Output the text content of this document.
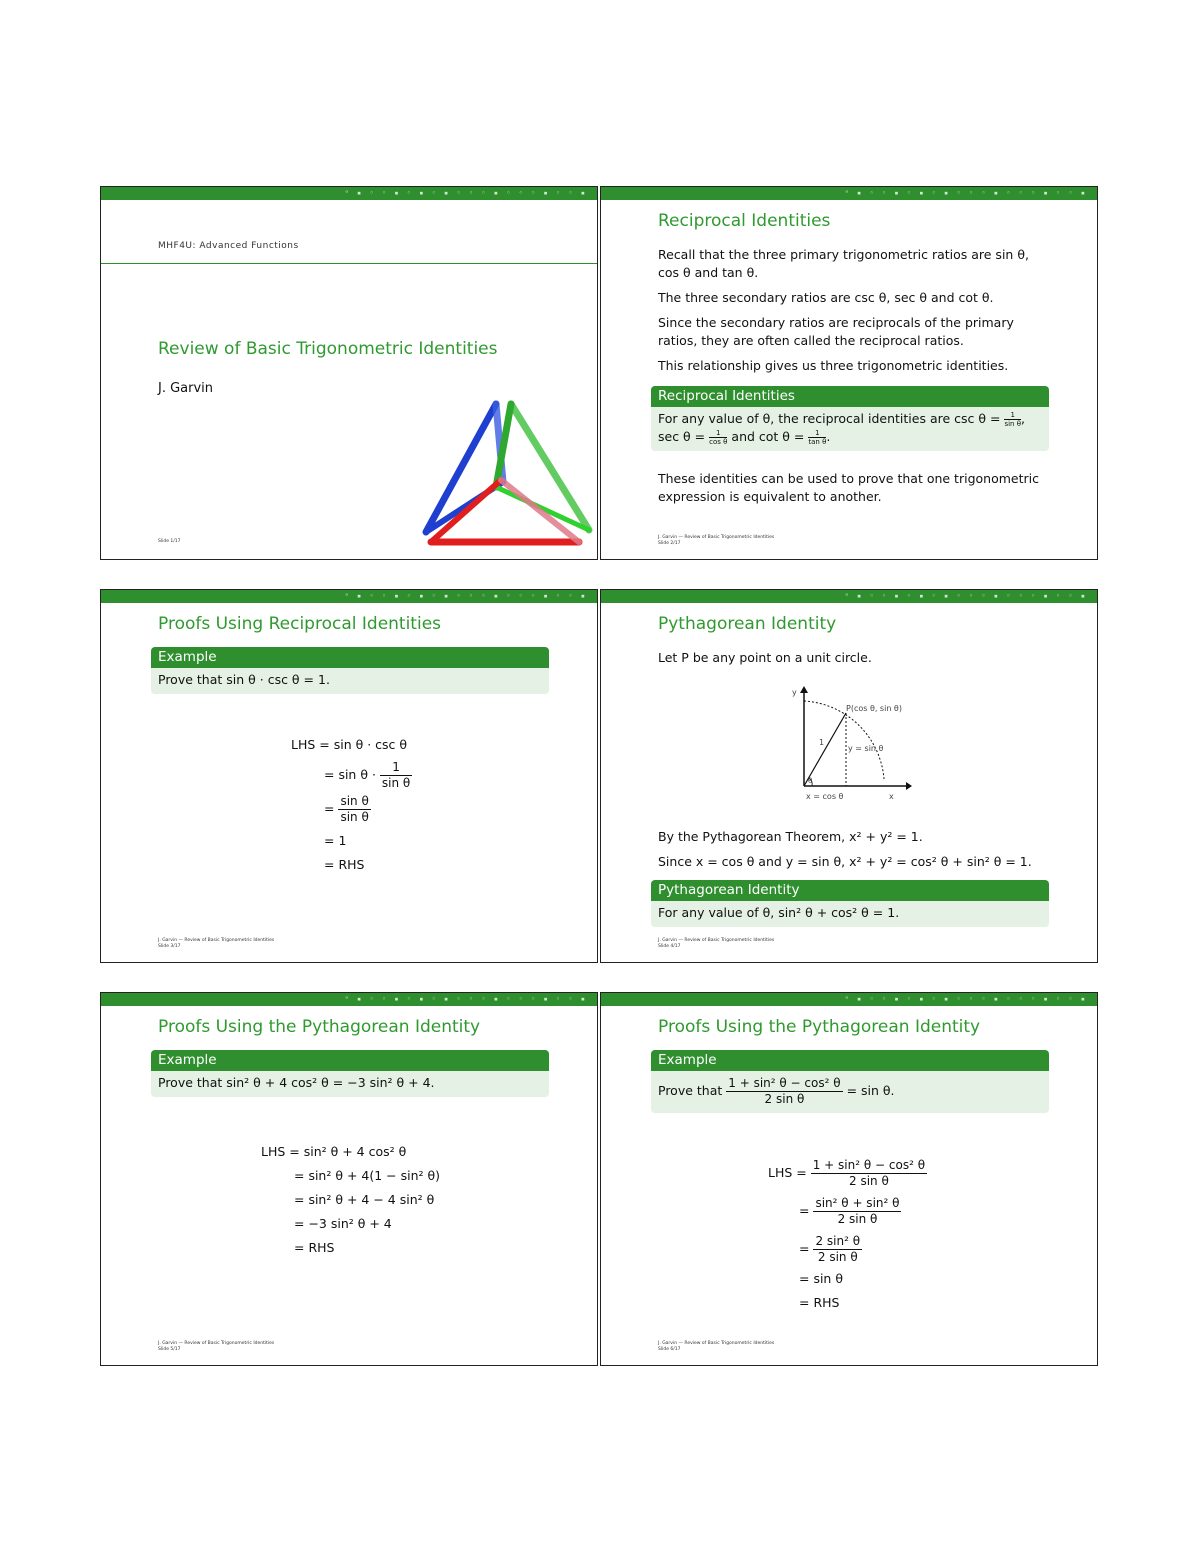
ᵒ ▪ ◦ ◦ ▪ ◦ ▪ ◦ ▪ ◦ ◦ ◦ ▪ ◦ ◦ ◦ ▪ ◦ ◦ ▪
MHF4U: Advanced Functions
Review of Basic Trigonometric Identities
J. Garvin
Slide 1/17
ᵒ ▪ ◦ ◦ ▪ ◦ ▪ ◦ ▪ ◦ ◦ ◦ ▪ ◦ ◦ ◦ ▪ ◦ ◦ ▪
Reciprocal Identities

Recall that the three primary trigonometric ratios are sin θ, cos θ and tan θ.

The three secondary ratios are csc θ, sec θ and cot θ.

Since the secondary ratios are reciprocals of the primary ratios, they are often called the reciprocal ratios.

This relationship gives us three trigonometric identities.

Reciprocal Identities
For any value of θ, the reciprocal identities are $\csc \theta = \frac{1}{\text{sin θ}}$ ,
$\sec \theta = \frac{1}{\text{cos θ}}$ and $\cot \theta = \frac{1}{\text{tan θ}}$ .

These identities can be used to prove that one trigonometric expression is equivalent to another.

J. Garvin — Review of Basic Trigonometric Identities
Slide 2/17
ᵒ ▪ ◦ ◦ ▪ ◦ ▪ ◦ ▪ ◦ ◦ ◦ ▪ ◦ ◦ ◦ ▪ ◦ ◦ ▪
Proofs Using Reciprocal Identities
Example
Prove that sin θ · csc θ = 1.
LHS = sin θ · csc θ
= $\sin \theta \cdot \frac{1}{\text{sin θ}}$
= $\frac{\text{sin θ}}{\text{sin θ}}$
= 1
= RHS
J. Garvin — Review of Basic Trigonometric Identities
Slide 3/17
ᵒ ▪ ◦ ◦ ▪ ◦ ▪ ◦ ▪ ◦ ◦ ◦ ▪ ◦ ◦ ◦ ▪ ◦ ◦ ▪
Pythagorean Identity

Let P be any point on a unit circle.

P(cos θ, sin θ)
y = sin θ
x = cos θ
1
θ
x
y

By the Pythagorean Theorem, x² + y² = 1.

Since x = cos θ and y = sin θ, x² + y² = cos² θ + sin² θ = 1.

Pythagorean Identity
For any value of θ, sin² θ + cos² θ = 1.
J. Garvin — Review of Basic Trigonometric Identities
Slide 4/17
ᵒ ▪ ◦ ◦ ▪ ◦ ▪ ◦ ▪ ◦ ◦ ◦ ▪ ◦ ◦ ◦ ▪ ◦ ◦ ▪
Proofs Using the Pythagorean Identity
Example
Prove that sin² θ + 4 cos² θ = −3 sin² θ + 4.
LHS = sin² θ + 4 cos² θ
= sin² θ + 4(1 − sin² θ)
= sin² θ + 4 − 4 sin² θ
= −3 sin² θ + 4
= RHS
J. Garvin — Review of Basic Trigonometric Identities
Slide 5/17
ᵒ ▪ ◦ ◦ ▪ ◦ ▪ ◦ ▪ ◦ ◦ ◦ ▪ ◦ ◦ ◦ ▪ ◦ ◦ ▪
Proofs Using the Pythagorean Identity
Example
Prove that $\frac{\text{1 + sin² θ − cos² θ}}{\text{2 sin θ}} = \sin \theta$.
LHS = $\frac{\text{1 + sin² θ − cos² θ}}{\text{2 sin θ}}$
= $\frac{\text{sin² θ + sin² θ}}{\text{2 sin θ}}$
= $\frac{\text{2 sin² θ}}{\text{2 sin θ}}$
= sin θ
= RHS
J. Garvin — Review of Basic Trigonometric Identities
Slide 6/17
